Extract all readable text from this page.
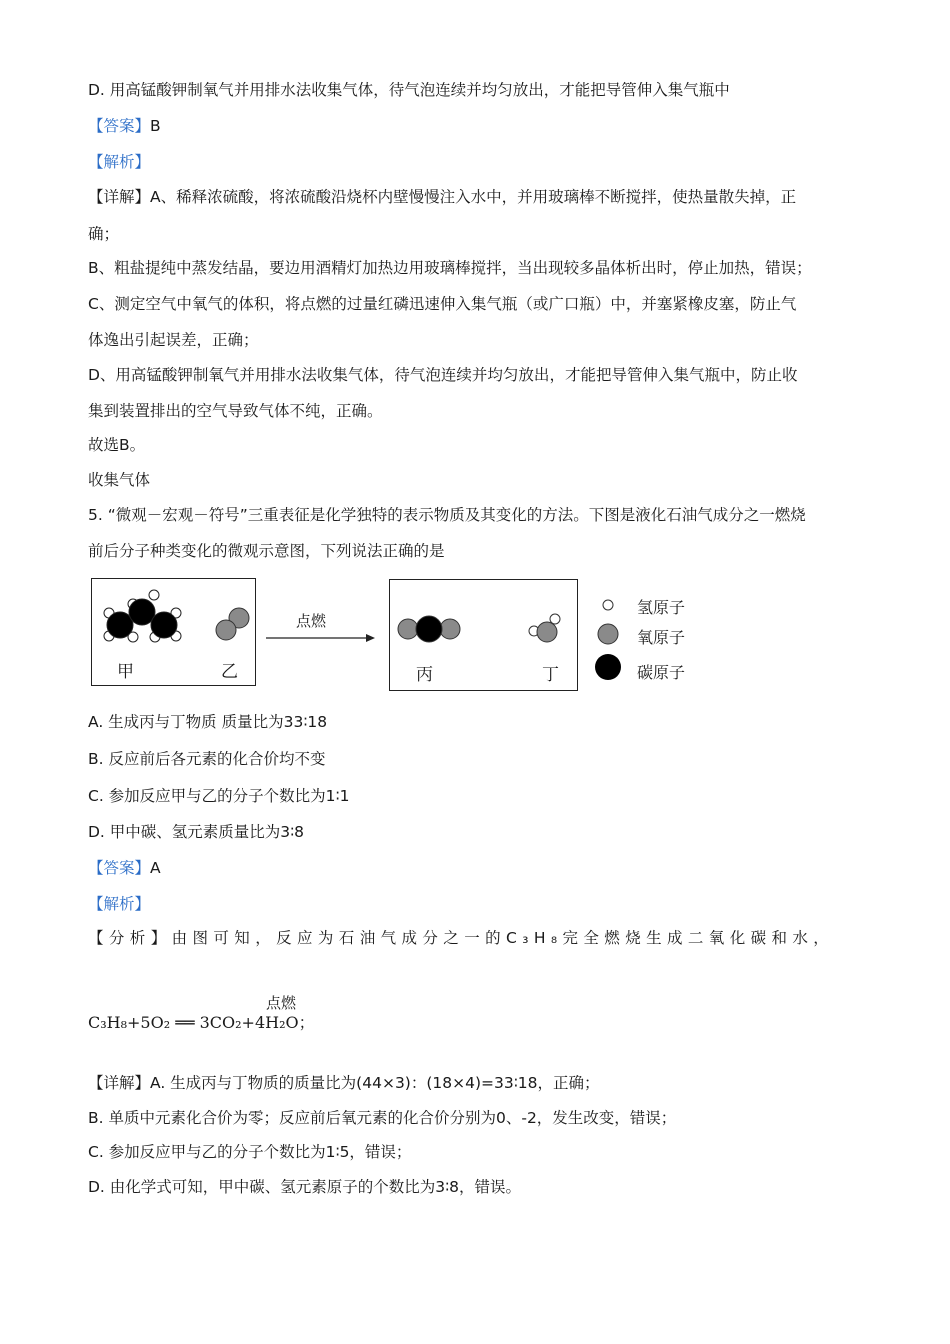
D. 用高锰酸钾制氧气并用排水法收集气体，待气泡连续并均匀放出，才能把导管伸入集气瓶中
【答案】B
【解析】
【详解】A、稀释浓硫酸，将浓硫酸沿烧杯内壁慢慢注入水中，并用玻璃棒不断搅拌，使热量散失掉，正
确；
B、粗盐提纯中蒸发结晶，要边用酒精灯加热边用玻璃棒搅拌，当出现较多晶体析出时，停止加热，错误；
C、测定空气中氧气的体积，将点燃的过量红磷迅速伸入集气瓶（或广口瓶）中，并塞紧橡皮塞，防止气
体逸出引起误差，正确；
D、用高锰酸钾制氧气并用排水法收集气体，待气泡连续并均匀放出，才能把导管伸入集气瓶中，防止收
集到装置排出的空气导致气体不纯，正确。
故选B。
收集气体
5. “微观－宏观－符号”三重表征是化学独特的表示物质及其变化的方法。下图是液化石油气成分之一燃烧
前后分子种类变化的微观示意图，下列说法正确的是
甲	乙
点燃
丙	丁
氢原子
氧原子
碳原子
A. 生成丙与丁物质 质量比为33∶18
B. 反应前后各元素的化合价均不变
C. 参加反应甲与乙的分子个数比为1∶1
D. 甲中碳、氢元素质量比为3∶8
【答案】A
【解析】
【分析】由图可知，反应为石油气成分之一的C₃H₈完全燃烧生成二氧化碳和水，
点燃
C₃H₈+5O₂ ══ 3CO₂+4H₂O；
【详解】A. 生成丙与丁物质的质量比为(44×3)：(18×4)=33∶18，正确；
B. 单质中元素化合价为零；反应前后氧元素的化合价分别为0、-2，发生改变，错误；
C. 参加反应甲与乙的分子个数比为1∶5，错误；
D. 由化学式可知，甲中碳、氢元素原子的个数比为3∶8，错误。
